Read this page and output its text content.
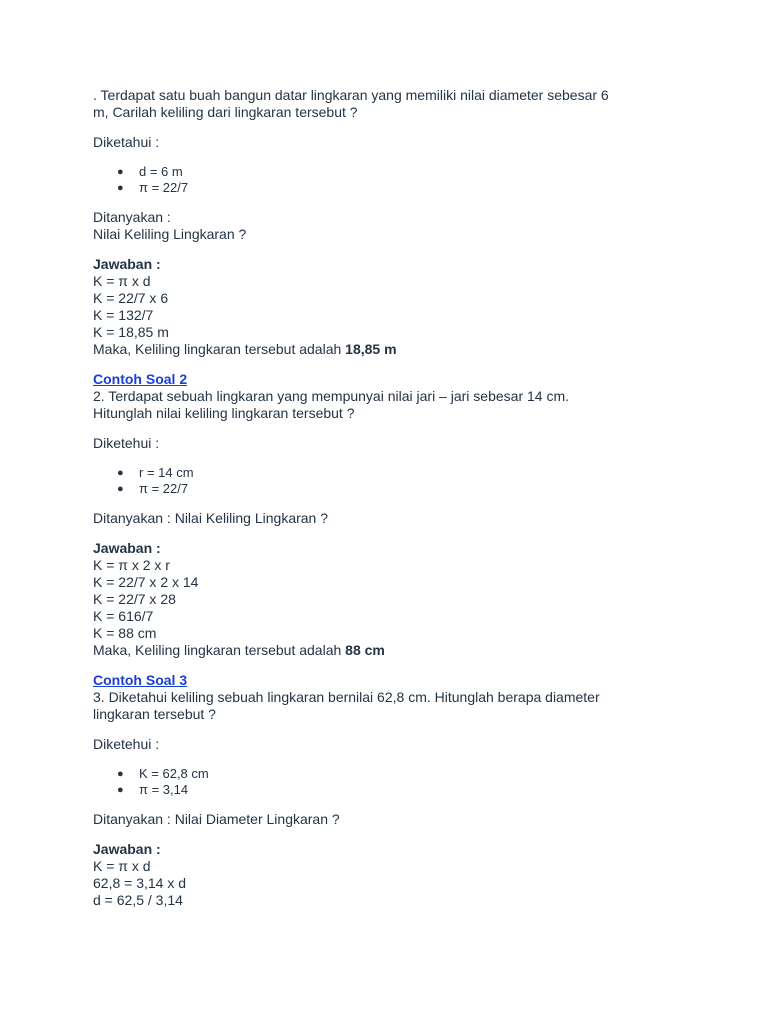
. Terdapat satu buah bangun datar lingkaran yang memiliki nilai diameter sebesar 6

m, Carilah keliling dari lingkaran tersebut ?

Diketahui :

● d = 6 m
● π = 22/7

Ditanyakan :

Nilai Keliling Lingkaran ?

Jawaban :

K = π x d

K = 22/7 x 6

K = 132/7

K = 18,85 m

Maka, Keliling lingkaran tersebut adalah 18,85 m

Contoh Soal 2

2. Terdapat sebuah lingkaran yang mempunyai nilai jari – jari sebesar 14 cm.

Hitunglah nilai keliling lingkaran tersebut ?

Diketehui :

● r = 14 cm
● π = 22/7

Ditanyakan : Nilai Keliling Lingkaran ?

Jawaban :

K = π x 2 x r

K = 22/7 x 2 x 14

K = 22/7 x 28

K = 616/7

K = 88 cm

Maka, Keliling lingkaran tersebut adalah 88 cm

Contoh Soal 3

3. Diketahui keliling sebuah lingkaran bernilai 62,8 cm. Hitunglah berapa diameter

lingkaran tersebut ?

Diketehui :

● K = 62,8 cm
● π = 3,14

Ditanyakan : Nilai Diameter Lingkaran ?

Jawaban :

K = π x d

62,8 = 3,14 x d

d = 62,5 / 3,14
